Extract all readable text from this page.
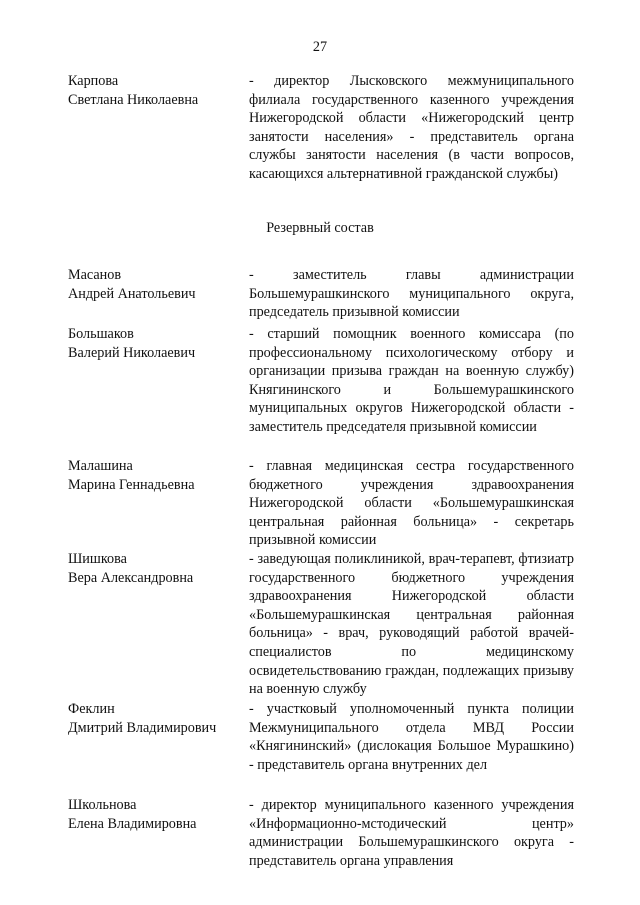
27
Карпова
Светлана Николаевна
- директор Лысковского межмуниципального филиала государственного казенного учреждения Нижегородской области «Нижегородский центр занятости населения» - представитель органа службы занятости населения (в части вопросов, касающихся альтернативной гражданской службы)
Резервный состав
Масанов
Андрей Анатольевич
- заместитель главы администрации Большемурашкинского муниципального округа, председатель призывной комиссии
Большаков
Валерий Николаевич
- старший помощник военного комиссара (по профессиональному психологическому отбору и организации призыва граждан на военную службу) Княгининского и Большемурашкинского муниципальных округов Нижегородской области - заместитель председателя призывной комиссии
Малашина
Марина Геннадьевна
- главная медицинская сестра государственного бюджетного учреждения здравоохранения Нижегородской области «Большемурашкинская центральная районная больница» - секретарь призывной комиссии
Шишкова
Вера Александровна
- заведующая поликлиникой, врач-терапевт, фтизиатр государственного бюджетного учреждения здравоохранения Нижегородской области «Большемурашкинская центральная районная больница» - врач, руководящий работой врачей-специалистов по медицинскому освидетельствованию граждан, подлежащих призыву на военную службу
Феклин
Дмитрий Владимирович
- участковый уполномоченный пункта полиции Межмуниципального отдела МВД России «Княгининский» (дислокация Большое Мурашкино) - представитель органа внутренних дел
Школьнова
Елена Владимировна
- директор муниципального казенного учреждения «Информационно-мстодический центр» администрации Большемурашкинского округа - представитель органа управления
